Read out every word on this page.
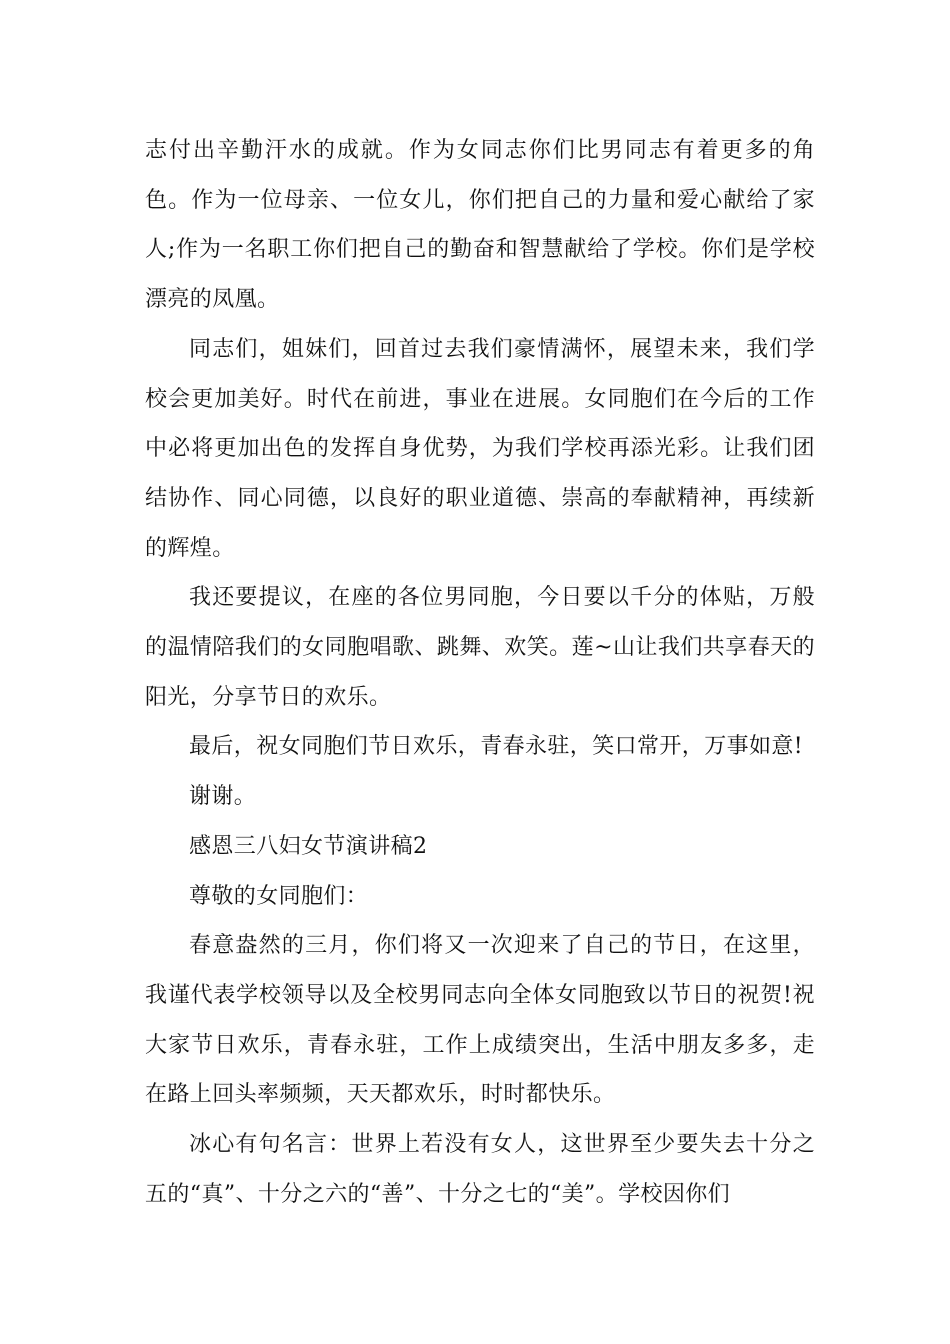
志付出辛勤汗水的成就。作为女同志你们比男同志有着更多的角色。作为一位母亲、一位女儿，你们把自己的力量和爱心献给了家人;作为一名职工你们把自己的勤奋和智慧献给了学校。你们是学校漂亮的凤凰。

同志们，姐妹们，回首过去我们豪情满怀，展望未来，我们学校会更加美好。时代在前进，事业在进展。女同胞们在今后的工作中必将更加出色的发挥自身优势，为我们学校再添光彩。让我们团结协作、同心同德，以良好的职业道德、崇高的奉献精神，再续新的辉煌。

我还要提议，在座的各位男同胞，今日要以千分的体贴，万般的温情陪我们的女同胞唱歌、跳舞、欢笑。莲~山让我们共享春天的阳光，分享节日的欢乐。

最后，祝女同胞们节日欢乐，青春永驻，笑口常开，万事如意!

谢谢。

感恩三八妇女节演讲稿2

尊敬的女同胞们：

春意盎然的三月，你们将又一次迎来了自己的节日，在这里，我谨代表学校领导以及全校男同志向全体女同胞致以节日的祝贺!祝大家节日欢乐，青春永驻，工作上成绩突出，生活中朋友多多，走在路上回头率频频，天天都欢乐，时时都快乐。

冰心有句名言：世界上若没有女人，这世界至少要失去十分之五的“真”、十分之六的“善”、十分之七的“美”。学校因你们
